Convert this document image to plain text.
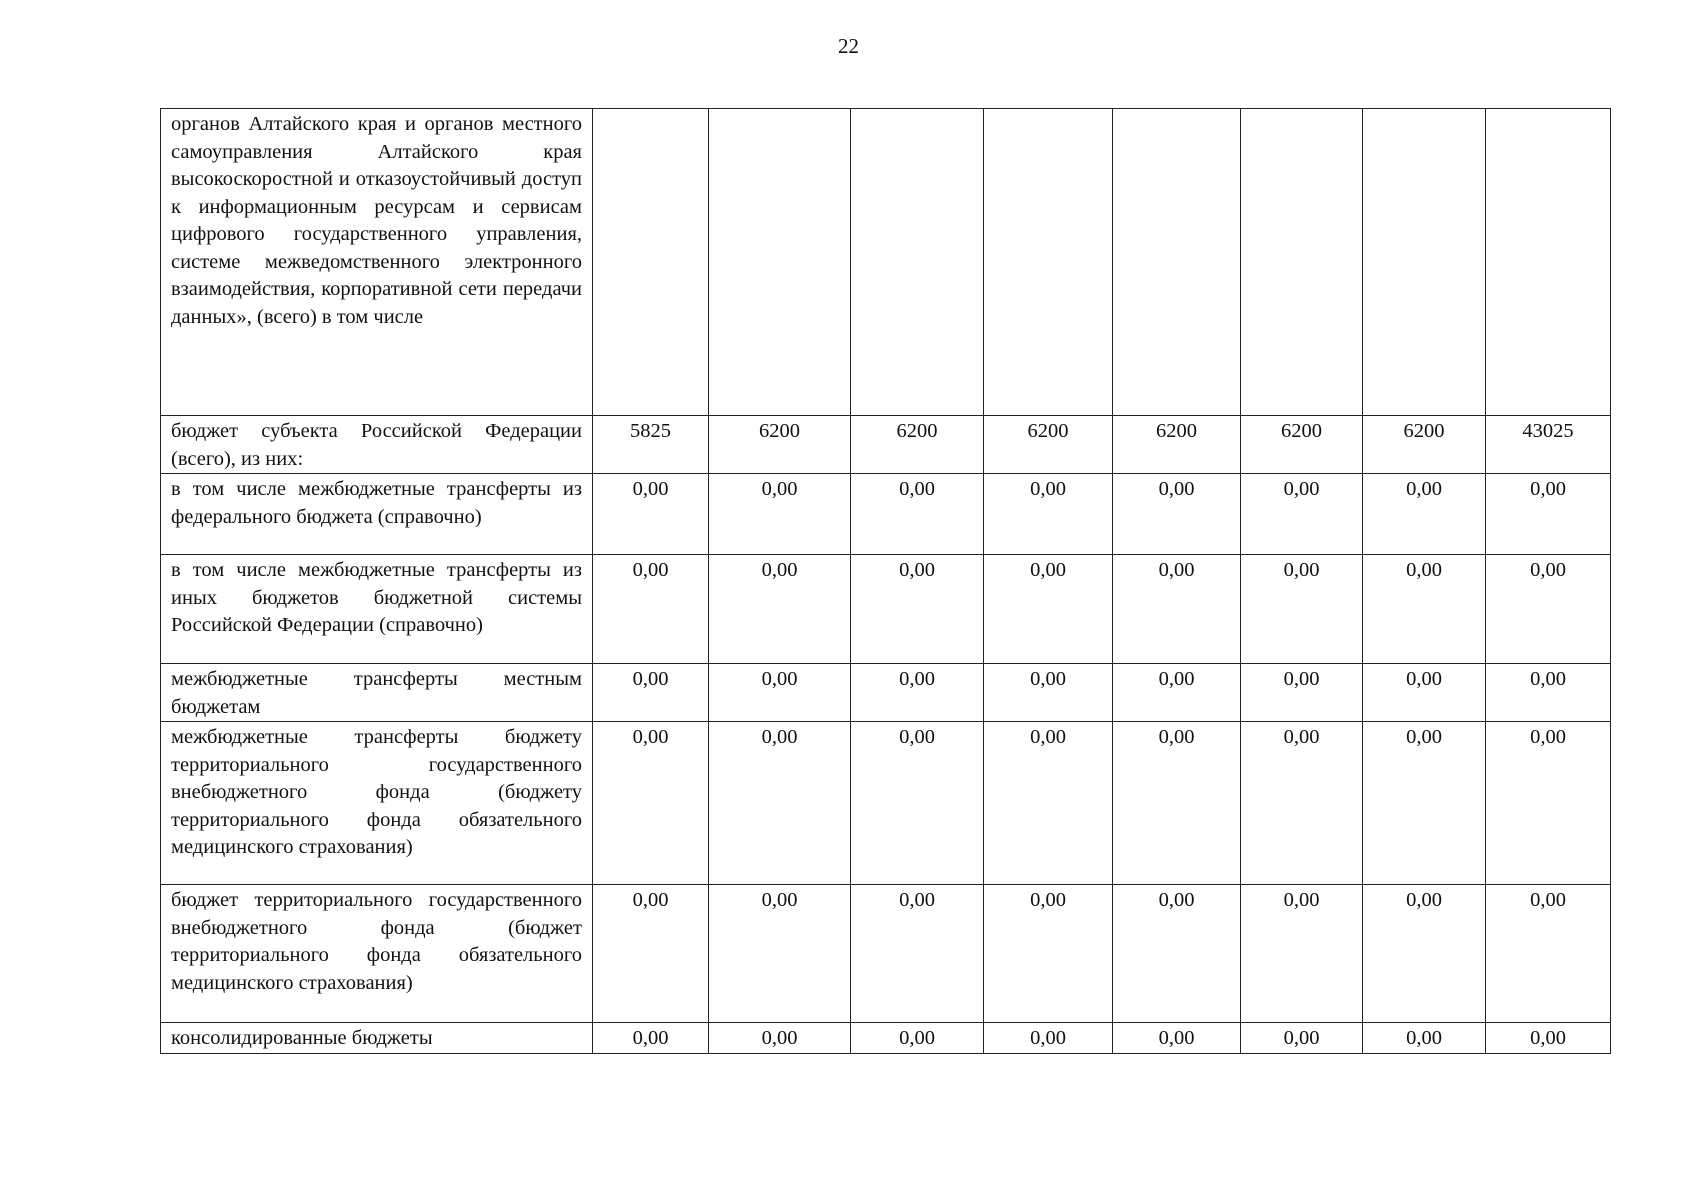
22
органов Алтайского края и органов местного самоуправления Алтайского края высокоскоростной и отказоустойчивый доступ к информационным ресурсам и сервисам цифрового государственного управления, системе межведомственного электронного взаимодействия, корпоративной сети передачи данных», (всего) в том числе								
бюджет субъекта Российской Федерации (всего), из них:	5825	6200	6200	6200	6200	6200	6200	43025
в том числе межбюджетные трансферты из федерального бюджета (справочно)	0,00	0,00	0,00	0,00	0,00	0,00	0,00	0,00
в том числе межбюджетные трансферты из иных бюджетов бюджетной системы Российской Федерации (справочно)	0,00	0,00	0,00	0,00	0,00	0,00	0,00	0,00
межбюджетные трансферты местным бюджетам	0,00	0,00	0,00	0,00	0,00	0,00	0,00	0,00
межбюджетные трансферты бюджету территориального государственного внебюджетного фонда (бюджету территориального фонда обязательного медицинского страхования)	0,00	0,00	0,00	0,00	0,00	0,00	0,00	0,00
бюджет территориального государственного внебюджетного фонда (бюджет территориального фонда обязательного медицинского страхования)	0,00	0,00	0,00	0,00	0,00	0,00	0,00	0,00
консолидированные бюджеты	0,00	0,00	0,00	0,00	0,00	0,00	0,00	0,00
